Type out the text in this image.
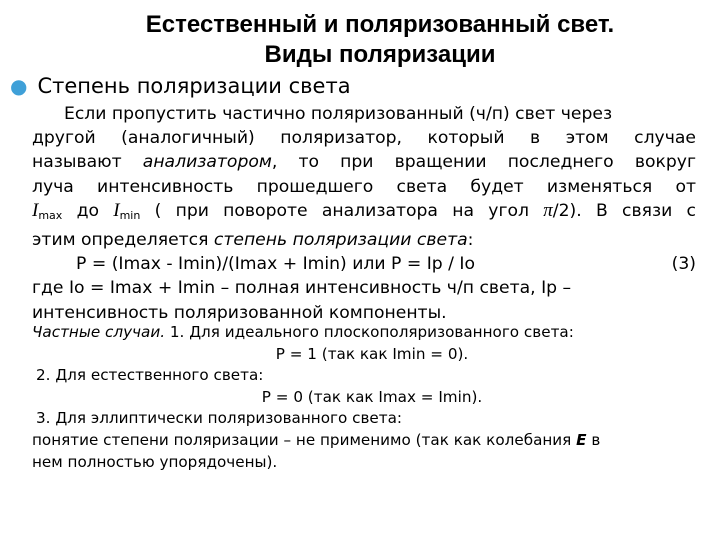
Естественный и поляризованный свет.
Виды поляризации
● Степень поляризации света
Если пропустить частично поляризованный (ч/п) свет через
другой (аналогичный) поляризатор, который в этом случае
называют анализатором, то при вращении последнего вокруг
луча интенсивность прошедшего света будет изменяться от
$I_{max}$ до $I_{min}$ ( при повороте анализатора на угол π/2). В связи с
этим определяется степень поляризации света:
P = (Imax - Imin)/(Imax + Imin) или P = Ip / Io	(3)
где Io = Imax + Imin – полная интенсивность ч/п света, Ip –
интенсивность поляризованной компоненты.
Частные случаи. 1. Для идеального плоскополяризованного света:
P = 1 (так как Imin = 0).
2. Для естественного света:
P = 0 (так как Imax = Imin).
3. Для эллиптически поляризованного света:
понятие степени поляризации – не применимо (так как колебания E в
нем полностью упорядочены).
